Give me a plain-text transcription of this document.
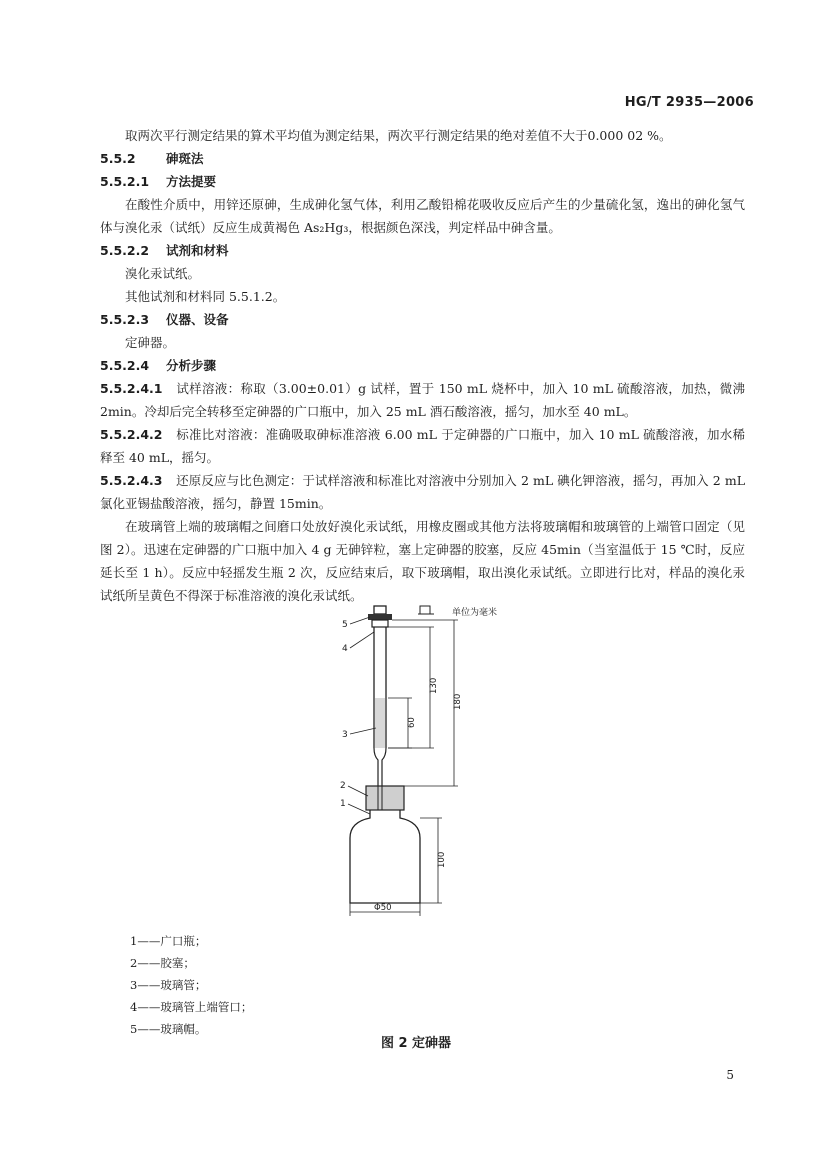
HG/T 2935—2006
取两次平行测定结果的算术平均值为测定结果，两次平行测定结果的绝对差值不大于0.000 02 %。
5.5.2 砷斑法
5.5.2.1 方法提要
在酸性介质中，用锌还原砷，生成砷化氢气体，利用乙酸铅棉花吸收反应后产生的少量硫化氢，逸出的砷化氢气体与溴化汞（试纸）反应生成黄褐色 As₂Hg₃，根据颜色深浅，判定样品中砷含量。
5.5.2.2 试剂和材料
溴化汞试纸。
其他试剂和材料同 5.5.1.2。
5.5.2.3 仪器、设备
定砷器。
5.5.2.4 分析步骤
5.5.2.4.1 试样溶液：称取（3.00±0.01）g 试样，置于 150 mL 烧杯中，加入 10 mL 硫酸溶液，加热，微沸 2min。冷却后完全转移至定砷器的广口瓶中，加入 25 mL 酒石酸溶液，摇匀，加水至 40 mL。
5.5.2.4.2 标准比对溶液：准确吸取砷标准溶液 6.00 mL 于定砷器的广口瓶中，加入 10 mL 硫酸溶液，加水稀释至 40 mL，摇匀。
5.5.2.4.3 还原反应与比色测定：于试样溶液和标准比对溶液中分别加入 2 mL 碘化钾溶液，摇匀，再加入 2 mL 氯化亚锡盐酸溶液，摇匀，静置 15min。
在玻璃管上端的玻璃帽之间磨口处放好溴化汞试纸，用橡皮圈或其他方法将玻璃帽和玻璃管的上端管口固定（见图 2）。迅速在定砷器的广口瓶中加入 4 g 无砷锌粒，塞上定砷器的胶塞，反应 45min（当室温低于 15 ℃时，反应延长至 1 h）。反应中轻摇发生瓶 2 次，反应结束后，取下玻璃帽，取出溴化汞试纸。立即进行比对，样品的溴化汞试纸所呈黄色不得深于标准溶液的溴化汞试纸。
单位为毫米
5
4
3
2
1
60
130
180
100
Φ50
1——广口瓶；
2——胶塞；
3——玻璃管；
4——玻璃管上端管口；
5——玻璃帽。
图 2 定砷器
5
